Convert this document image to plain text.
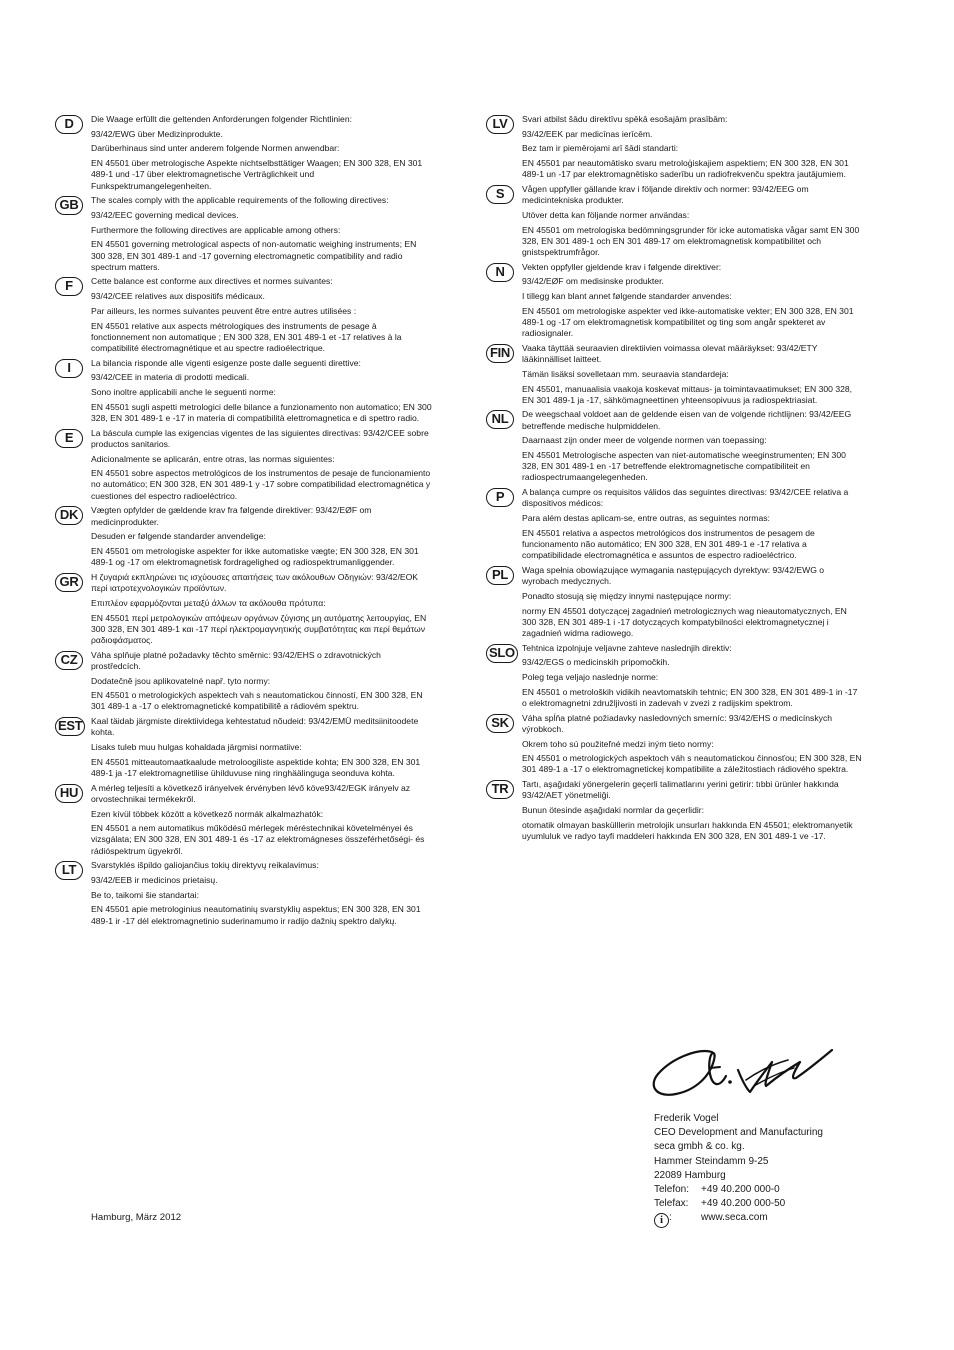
D	Die Waage erfüllt die geltenden Anforderungen folgender Richtlinien:

93/42/EWG über Medizinprodukte.

Darüberhinaus sind unter anderem folgende Normen anwendbar:

EN 45501 über metrologische Aspekte nichtselbsttätiger Waagen; EN 300 328, EN 301 489-1 und -17 über elektromagnetische Verträglichkeit und Funkspektrumangelegenheiten.

GB	The scales comply with the applicable requirements of the following directives:

93/42/EEC governing medical devices.

Furthermore the following directives are applicable among others:

EN 45501 governing metrological aspects of non-automatic weighing instruments; EN 300 328, EN 301 489-1 and -17 governing electromagnetic compatibility and radio spectrum matters.

F	Cette balance est conforme aux directives et normes suivantes:

93/42/CEE relatives aux dispositifs médicaux.

Par ailleurs, les normes suivantes peuvent être entre autres utilisées :

EN 45501 relative aux aspects métrologiques des instruments de pesage à fonctionnement non automatique ; EN 300 328, EN 301 489-1 et -17 relatives à la compatibilité électromagnétique et au spectre radioélectrique.

I	La bilancia risponde alle vigenti esigenze poste dalle seguenti direttive:

93/42/CEE in materia di prodotti medicali.

Sono inoltre applicabili anche le seguenti norme:

EN 45501 sugli aspetti metrologici delle bilance a funzionamento non automatico; EN 300 328, EN 301 489-1 e -17 in materia di compatibilità elettromagnetica e di spettro radio.

E	La báscula cumple las exigencias vigentes de las siguientes directivas: 93/42/CEE sobre productos sanitarios.

Adicionalmente se aplicarán, entre otras, las normas siguientes:

EN 45501 sobre aspectos metrológicos de los instrumentos de pesaje de funcionamiento no automático; EN 300 328, EN 301 489-1 y -17 sobre compatibilidad electromagnética y cuestiones del espectro radioeléctrico.

DK	Vægten opfylder de gældende krav fra følgende direktiver: 93/42/EØF om medicinprodukter.

Desuden er følgende standarder anvendelige:

EN 45501 om metrologiske aspekter for ikke automatiske vægte; EN 300 328, EN 301 489-1 og -17 om elektromagnetisk fordragelighed og radiospektrumanliggender.

GR	Η ζυγαριά εκπληρώνει τις ισχύουσες απαιτήσεις των ακόλουθων Οδηγιών: 93/42/ΕΟΚ περί ιατροτεχνολογικών προϊόντων.

Επιπλέον εφαρμόζονται μεταξύ άλλων τα ακόλουθα πρότυπα:

EN 45501 περί μετρολογικών απόψεων οργάνων ζύγισης μη αυτόματης λειτουργίας, EN 300 328, EN 301 489-1 και -17 περί ηλεκτρομαγνητικής συμβατότητας και περί θεμάτων ραδιοφάσματος.

CZ	Váha splňuje platné požadavky těchto směrnic: 93/42/EHS o zdravotnických prostředcích.

Dodatečně jsou aplikovatelné např. tyto normy:

EN 45501 o metrologických aspektech vah s neautomatickou činností, EN 300 328, EN 301 489-1 a -17 o elektromagnetické kompatibilitě a rádiovém spektru.

EST	Kaal täidab järgmiste direktiividega kehtestatud nõudeid: 93/42/EMÜ meditsiinitoodete kohta.

Lisaks tuleb muu hulgas kohaldada järgmisi normatiive:

EN 45501 mitteautomaatkaalude metroloogiliste aspektide kohta; EN 300 328, EN 301 489-1 ja -17 elektromagnetilise ühilduvuse ning ringhäälinguga seonduva kohta.

HU	A mérleg teljesíti a következő irányelvek érvényben lévő köve93/42/EGK irányelv az orvostechnikai termékekről.

Ezen kívül többek között a következő normák alkalmazhatók:

EN 45501 a nem automatikus működésű mérlegek méréstechnikai követelményei és vizsgálata; EN 300 328, EN 301 489-1 és -17 az elektromágneses összeférhetőségi- és rádióspektrum ügyekről.

LT	Svarstyklės išpildo galiojančius tokių direktyvų reikalavimus:

93/42/EEB ir medicinos prietaisų.

Be to, taikomi šie standartai:

EN 45501 apie metrologinius neautomatinių svarstyklių aspektus; EN 300 328, EN 301 489-1 ir -17 dėl elektromagnetinio suderinamumo ir radijo dažnių spektro dalykų.

LV	Svari atbilst šādu direktīvu spēkā esošajām prasībām:

93/42/EEK par medicīnas ierīcēm.

Bez tam ir piemērojami arī šādi standarti:

EN 45501 par neautomātisko svaru metroloģiskajiem aspektiem; EN 300 328, EN 301 489-1 un -17 par elektromagnētisko saderību un radiofrekvenču spektra jautājumiem.

S	Vågen uppfyller gällande krav i följande direktiv och normer: 93/42/EEG om medicintekniska produkter.

Utöver detta kan följande normer användas:

EN 45501 om metrologiska bedömningsgrunder för icke automatiska vågar samt EN 300 328, EN 301 489-1 och EN 301 489-17 om elektromagnetisk kompatibilitet och gnistspektrumfrågor.

N	Vekten oppfyller gjeldende krav i følgende direktiver:

93/42/EØF om medisinske produkter.

I tillegg kan blant annet følgende standarder anvendes:

EN 45501 om metrologiske aspekter ved ikke-automatiske vekter; EN 300 328, EN 301 489-1 og -17 om elektromagnetisk kompatibilitet og ting som angår spekteret av radiosignaler.

FIN	Vaaka täyttää seuraavien direktiivien voimassa olevat määräykset: 93/42/ETY lääkinnälliset laitteet.

Tämän lisäksi sovelletaan mm. seuraavia standardeja:

EN 45501, manuaalisia vaakoja koskevat mittaus- ja toimintavaatimukset; EN 300 328, EN 301 489-1 ja -17, sähkömagneettinen yhteensopivuus ja radiospektriasiat.

NL	De weegschaal voldoet aan de geldende eisen van de volgende richtlijnen: 93/42/EEG betreffende medische hulpmiddelen.

Daarnaast zijn onder meer de volgende normen van toepassing:

EN 45501 Metrologische aspecten van niet-automatische weeginstrumenten; EN 300 328, EN 301 489-1 en -17 betreffende elektromagnetische compatibiliteit en radiospectrumaangelegenheden.

P	A balança cumpre os requisitos válidos das seguintes directivas: 93/42/CEE relativa a dispositivos médicos:

Para além destas aplicam-se, entre outras, as seguintes normas:

EN 45501 relativa a aspectos metrológicos dos instrumentos de pesagem de funcionamento não automático; EN 300 328, EN 301 489-1 e -17 relativa a compatibilidade electromagnética e assuntos de espectro radioeléctrico.

PL	Waga spełnia obowiązujące wymagania następujących dyrektyw: 93/42/EWG o wyrobach medycznych.

Ponadto stosują się między innymi następujące normy:

normy EN 45501 dotyczącej zagadnień metrologicznych wag nieautomatycznych, EN 300 328, EN 301 489-1 i -17 dotyczących kompatybilności elektromagnetycznej i zagadnień widma radiowego.

SLO Tehtnica izpolnjuje veljavne zahteve naslednjih direktiv:

93/42/EGS o medicinskih pripomočkih.

Poleg tega veljajo naslednje norme:

EN 45501 o metroloških vidikih neavtomatskih tehtnic; EN 300 328, EN 301 489-1 in -17 o elektromagnetni združljivosti in zadevah v zvezi z radijskim spektrom.

SK	Váha spĺňa platné požiadavky nasledovných smerníc: 93/42/EHS o medicínskych výrobkoch.

Okrem toho sú použiteľné medzi iným tieto normy:

EN 45501 o metrologických aspektoch váh s neautomatickou činnosťou; EN 300 328, EN 301 489-1 a -17 o elektromagnetickej kompatibilite a záležitostiach rádiového spektra.

TR	Tartı, aşağıdaki yönergelerin geçerli talimatlarını yerini getirir: tıbbi ürünler hakkında 93/42/AET yönetmeliği.

Bunun ötesinde aşağıdaki normlar da geçerlidir:

otomatik olmayan baskülllerin metrolojik unsurları hakkında EN 45501; elektromanyetik uyumluluk ve radyo tayfi maddeleri hakkında EN 300 328, EN 301 489-1 ve -17.

Frederik Vogel
CEO Development and Manufacturing
seca gmbh & co. kg.
Hammer Steindamm 9-25
22089 Hamburg
Telefon: +49 40.200 000-0
Telefax: +49 40.200 000-50
i :	www.seca.com
Hamburg, März 2012
